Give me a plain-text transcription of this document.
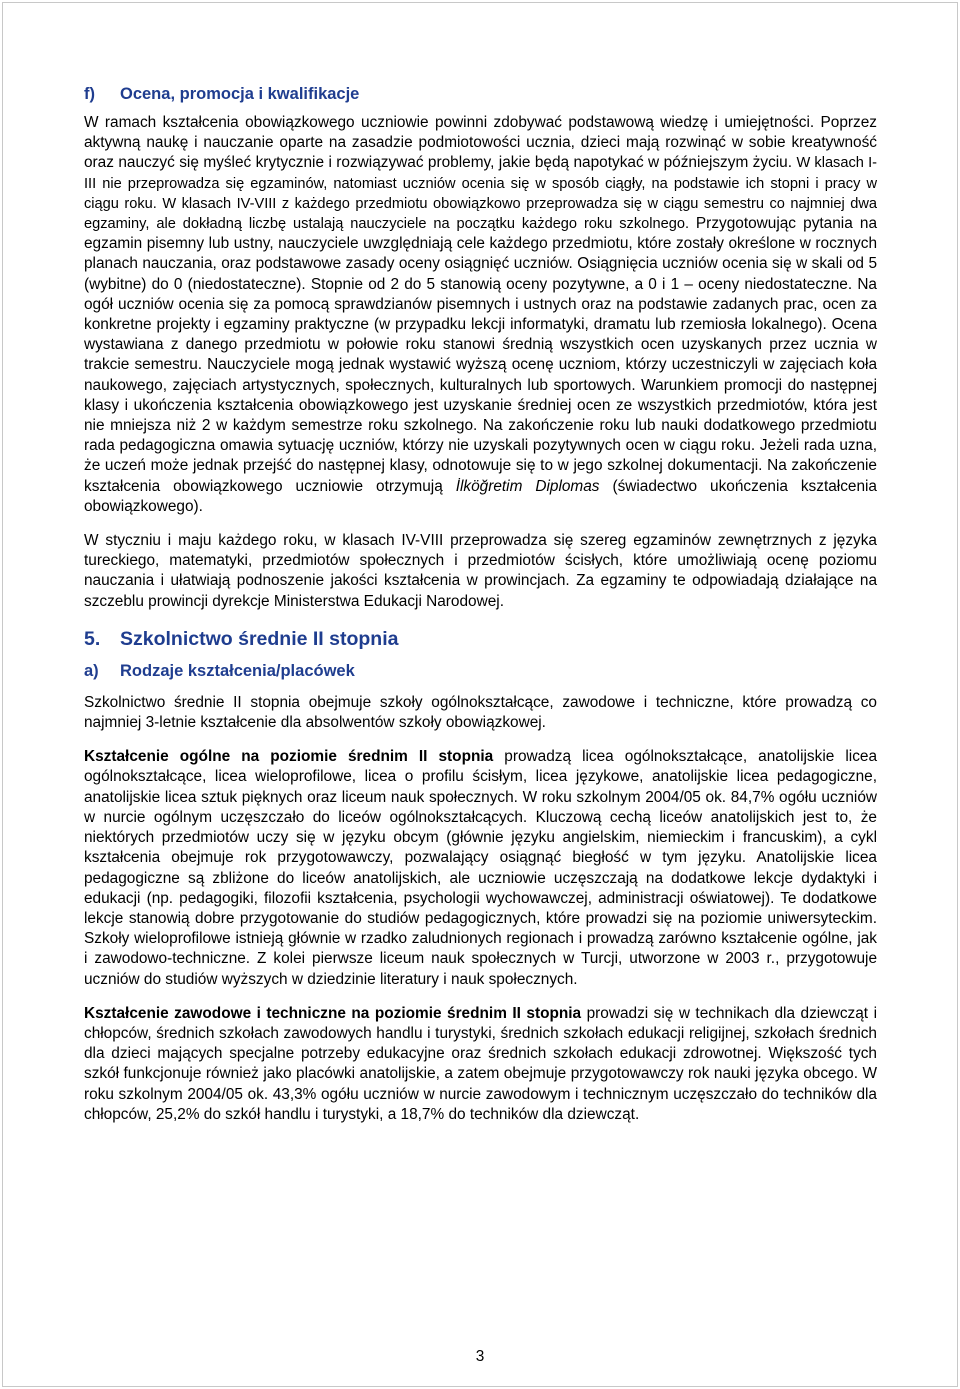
f) Ocena, promocja i kwalifikacje

W ramach kształcenia obowiązkowego uczniowie powinni zdobywać podstawową wiedzę i umiejętności. Poprzez aktywną naukę i nauczanie oparte na zasadzie podmiotowości ucznia, dzieci mają rozwinąć w sobie kreatywność oraz nauczyć się myśleć krytycznie i rozwiązywać problemy, jakie będą napotykać w późniejszym życiu. W klasach I-III nie przeprowadza się egzaminów, natomiast uczniów ocenia się w sposób ciągły, na podstawie ich stopni i pracy w ciągu roku. W klasach IV-VIII z każdego przedmiotu obowiązkowo przeprowadza się w ciągu semestru co najmniej dwa egzaminy, ale dokładną liczbę ustalają nauczyciele na początku każdego roku szkolnego. Przygotowując pytania na egzamin pisemny lub ustny, nauczyciele uwzględniają cele każdego przedmiotu, które zostały określone w rocznych planach nauczania, oraz podstawowe zasady oceny osiągnięć uczniów. Osiągnięcia uczniów ocenia się w skali od 5 (wybitne) do 0 (niedostateczne). Stopnie od 2 do 5 stanowią oceny pozytywne, a 0 i 1 – oceny niedostateczne. Na ogół uczniów ocenia się za pomocą sprawdzianów pisemnych i ustnych oraz na podstawie zadanych prac, ocen za konkretne projekty i egzaminy praktyczne (w przypadku lekcji informatyki, dramatu lub rzemiosła lokalnego). Ocena wystawiana z danego przedmiotu w połowie roku stanowi średnią wszystkich ocen uzyskanych przez ucznia w trakcie semestru. Nauczyciele mogą jednak wystawić wyższą ocenę uczniom, którzy uczestniczyli w zajęciach koła naukowego, zajęciach artystycznych, społecznych, kulturalnych lub sportowych. Warunkiem promocji do następnej klasy i ukończenia kształcenia obowiązkowego jest uzyskanie średniej ocen ze wszystkich przedmiotów, która jest nie mniejsza niż 2 w każdym semestrze roku szkolnego. Na zakończenie roku lub nauki dodatkowego przedmiotu rada pedagogiczna omawia sytuację uczniów, którzy nie uzyskali pozytywnych ocen w ciągu roku. Jeżeli rada uzna, że uczeń może jednak przejść do następnej klasy, odnotowuje się to w jego szkolnej dokumentacji. Na zakończenie kształcenia obowiązkowego uczniowie otrzymują İlköğretim Diplomas (świadectwo ukończenia kształcenia obowiązkowego).

W styczniu i maju każdego roku, w klasach IV-VIII przeprowadza się szereg egzaminów zewnętrznych z języka tureckiego, matematyki, przedmiotów społecznych i przedmiotów ścisłych, które umożliwiają ocenę poziomu nauczania i ułatwiają podnoszenie jakości kształcenia w prowincjach. Za egzaminy te odpowiadają działające na szczeblu prowincji dyrekcje Ministerstwa Edukacji Narodowej.

5. Szkolnictwo średnie II stopnia
a) Rodzaje kształcenia/placówek

Szkolnictwo średnie II stopnia obejmuje szkoły ogólnokształcące, zawodowe i techniczne, które prowadzą co najmniej 3-letnie kształcenie dla absolwentów szkoły obowiązkowej.

Kształcenie ogólne na poziomie średnim II stopnia prowadzą licea ogólnokształcące, anatolijskie licea ogólnokształcące, licea wieloprofilowe, licea o profilu ścisłym, licea językowe, anatolijskie licea pedagogiczne, anatolijskie licea sztuk pięknych oraz liceum nauk społecznych. W roku szkolnym 2004/05 ok. 84,7% ogółu uczniów w nurcie ogólnym uczęszczało do liceów ogólnokształcących. Kluczową cechą liceów anatolijskich jest to, że niektórych przedmiotów uczy się w języku obcym (głównie języku angielskim, niemieckim i francuskim), a cykl kształcenia obejmuje rok przygotowawczy, pozwalający osiągnąć biegłość w tym języku. Anatolijskie licea pedagogiczne są zbliżone do liceów anatolijskich, ale uczniowie uczęszczają na dodatkowe lekcje dydaktyki i edukacji (np. pedagogiki, filozofii kształcenia, psychologii wychowawczej, administracji oświatowej). Te dodatkowe lekcje stanowią dobre przygotowanie do studiów pedagogicznych, które prowadzi się na poziomie uniwersyteckim. Szkoły wieloprofilowe istnieją głównie w rzadko zaludnionych regionach i prowadzą zarówno kształcenie ogólne, jak i zawodowo-techniczne. Z kolei pierwsze liceum nauk społecznych w Turcji, utworzone w 2003 r., przygotowuje uczniów do studiów wyższych w dziedzinie literatury i nauk społecznych.

Kształcenie zawodowe i techniczne na poziomie średnim II stopnia prowadzi się w technikach dla dziewcząt i chłopców, średnich szkołach zawodowych handlu i turystyki, średnich szkołach edukacji religijnej, szkołach średnich dla dzieci mających specjalne potrzeby edukacyjne oraz średnich szkołach edukacji zdrowotnej. Większość tych szkół funkcjonuje również jako placówki anatolijskie, a zatem obejmuje przygotowawczy rok nauki języka obcego. W roku szkolnym 2004/05 ok. 43,3% ogółu uczniów w nurcie zawodowym i technicznym uczęszczało do techników dla chłopców, 25,2% do szkół handlu i turystyki, a 18,7% do techników dla dziewcząt.

3
